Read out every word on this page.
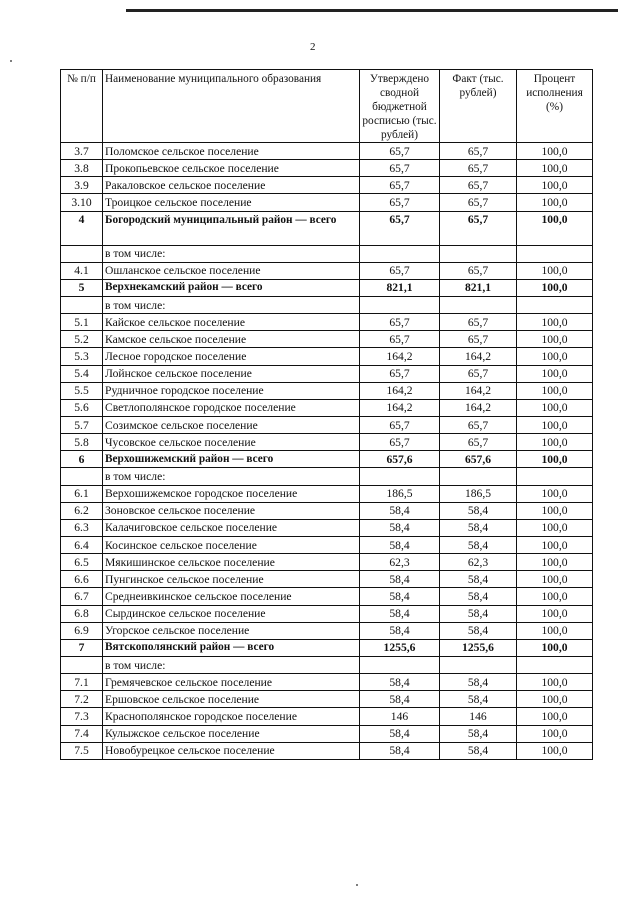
2
№ п/п	Наименование муниципального образования	Утверждено сводной бюджетной росписью (тыс. рублей)	Факт (тыс. рублей)	Процент исполнения (%)
3.7	Поломское сельское поселение	65,7	65,7	100,0
3.8	Прокопьевское сельское поселение	65,7	65,7	100,0
3.9	Ракаловское сельское поселение	65,7	65,7	100,0
3.10	Троицкое сельское поселение	65,7	65,7	100,0
4	Богородский муниципальный район — всего	65,7	65,7	100,0
	в том числе:			
4.1	Ошланское сельское поселение	65,7	65,7	100,0
5	Верхнекамский район — всего	821,1	821,1	100,0
	в том числе:			
5.1	Кайское сельское поселение	65,7	65,7	100,0
5.2	Камское сельское поселение	65,7	65,7	100,0
5.3	Лесное городское поселение	164,2	164,2	100,0
5.4	Лойнское сельское поселение	65,7	65,7	100,0
5.5	Рудничное городское поселение	164,2	164,2	100,0
5.6	Светлополянское городское поселение	164,2	164,2	100,0
5.7	Созимское сельское поселение	65,7	65,7	100,0
5.8	Чусовское сельское поселение	65,7	65,7	100,0
6	Верхошижемский район — всего	657,6	657,6	100,0
	в том числе:			
6.1	Верхошижемское городское поселение	186,5	186,5	100,0
6.2	Зоновское сельское поселение	58,4	58,4	100,0
6.3	Калачиговское сельское поселение	58,4	58,4	100,0
6.4	Косинское сельское поселение	58,4	58,4	100,0
6.5	Мякишинское сельское поселение	62,3	62,3	100,0
6.6	Пунгинское сельское поселение	58,4	58,4	100,0
6.7	Среднеивкинское сельское поселение	58,4	58,4	100,0
6.8	Сырдинское сельское поселение	58,4	58,4	100,0
6.9	Угорское сельское поселение	58,4	58,4	100,0
7	Вятскополянский район — всего	1255,6	1255,6	100,0
	в том числе:			
7.1	Гремячевское сельское поселение	58,4	58,4	100,0
7.2	Ершовское сельское поселение	58,4	58,4	100,0
7.3	Краснополянское городское поселение	146	146	100,0
7.4	Кулыжское сельское поселение	58,4	58,4	100,0
7.5	Новобурецкое сельское поселение	58,4	58,4	100,0
